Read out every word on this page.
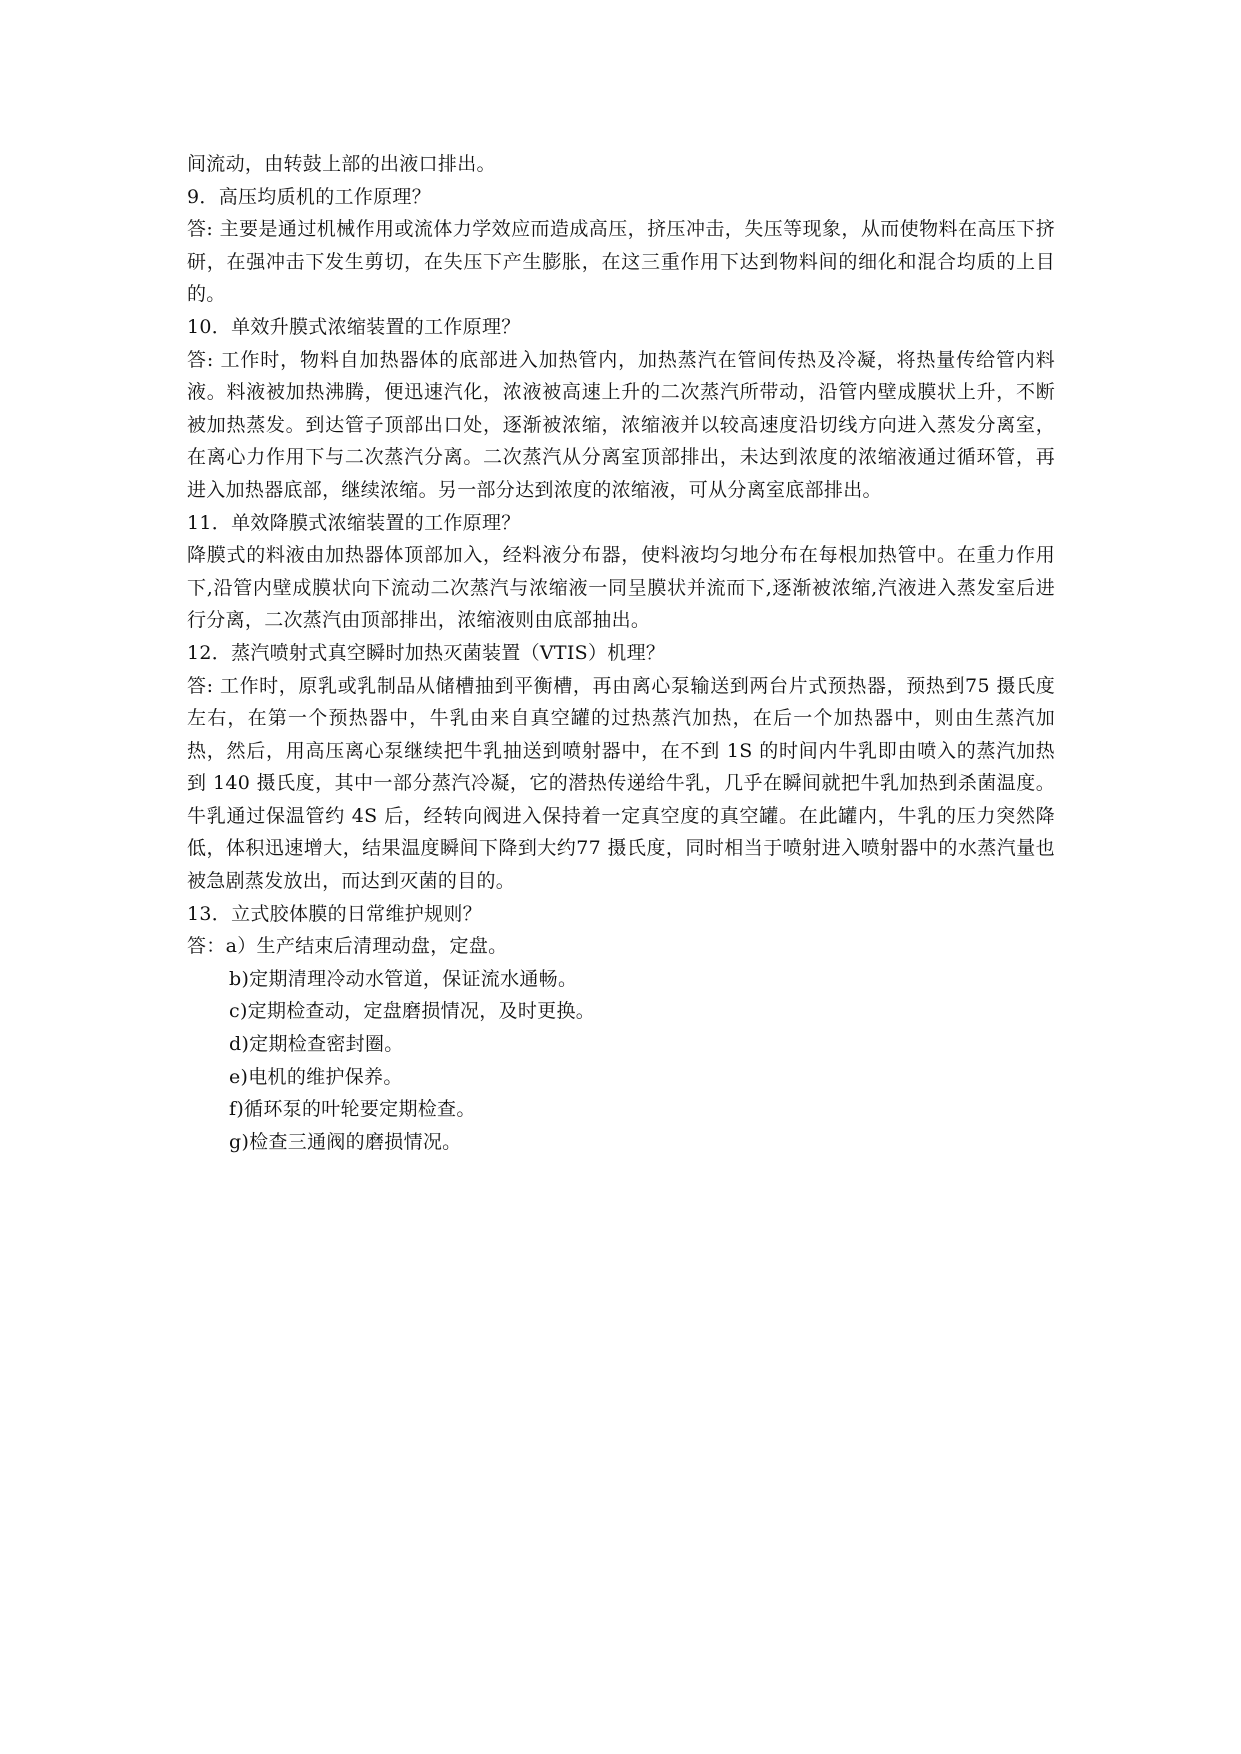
间流动，由转鼓上部的出液口排出。

9．高压均质机的工作原理？

答: 主要是通过机械作用或流体力学效应而造成高压，挤压冲击，失压等现象，从而使物料在高压下挤研，在强冲击下发生剪切，在失压下产生膨胀，在这三重作用下达到物料间的细化和混合均质的上目的。

10．单效升膜式浓缩装置的工作原理？

答: 工作时，物料自加热器体的底部进入加热管内，加热蒸汽在管间传热及冷凝，将热量传给管内料液。料液被加热沸腾，便迅速汽化，浓液被高速上升的二次蒸汽所带动，沿管内壁成膜状上升，不断被加热蒸发。到达管子顶部出口处，逐渐被浓缩，浓缩液并以较高速度沿切线方向进入蒸发分离室，在离心力作用下与二次蒸汽分离。二次蒸汽从分离室顶部排出，未达到浓度的浓缩液通过循环管，再进入加热器底部，继续浓缩。另一部分达到浓度的浓缩液，可从分离室底部排出。

11．单效降膜式浓缩装置的工作原理？

降膜式的料液由加热器体顶部加入，经料液分布器，使料液均匀地分布在每根加热管中。在重力作用下,沿管内壁成膜状向下流动二次蒸汽与浓缩液一同呈膜状并流而下,逐渐被浓缩,汽液进入蒸发室后进行分离，二次蒸汽由顶部排出，浓缩液则由底部抽出。

12．蒸汽喷射式真空瞬时加热灭菌装置（VTIS）机理？

答: 工作时，原乳或乳制品从储槽抽到平衡槽，再由离心泵输送到两台片式预热器，预热到75 摄氏度左右，在第一个预热器中，牛乳由来自真空罐的过热蒸汽加热，在后一个加热器中，则由生蒸汽加热，然后，用高压离心泵继续把牛乳抽送到喷射器中，在不到 1S 的时间内牛乳即由喷入的蒸汽加热到 140 摄氏度，其中一部分蒸汽冷凝，它的潜热传递给牛乳，几乎在瞬间就把牛乳加热到杀菌温度。牛乳通过保温管约 4S 后，经转向阀进入保持着一定真空度的真空罐。在此罐内，牛乳的压力突然降低，体积迅速增大，结果温度瞬间下降到大约77 摄氏度，同时相当于喷射进入喷射器中的水蒸汽量也被急剧蒸发放出，而达到灭菌的目的。

13．立式胶体膜的日常维护规则？

答：a）生产结束后清理动盘，定盘。

b)定期清理冷动水管道，保证流水通畅。

c)定期检查动，定盘磨损情况，及时更换。

d)定期检查密封圈。

e)电机的维护保养。

f)循环泵的叶轮要定期检查。

g)检查三通阀的磨损情况。
